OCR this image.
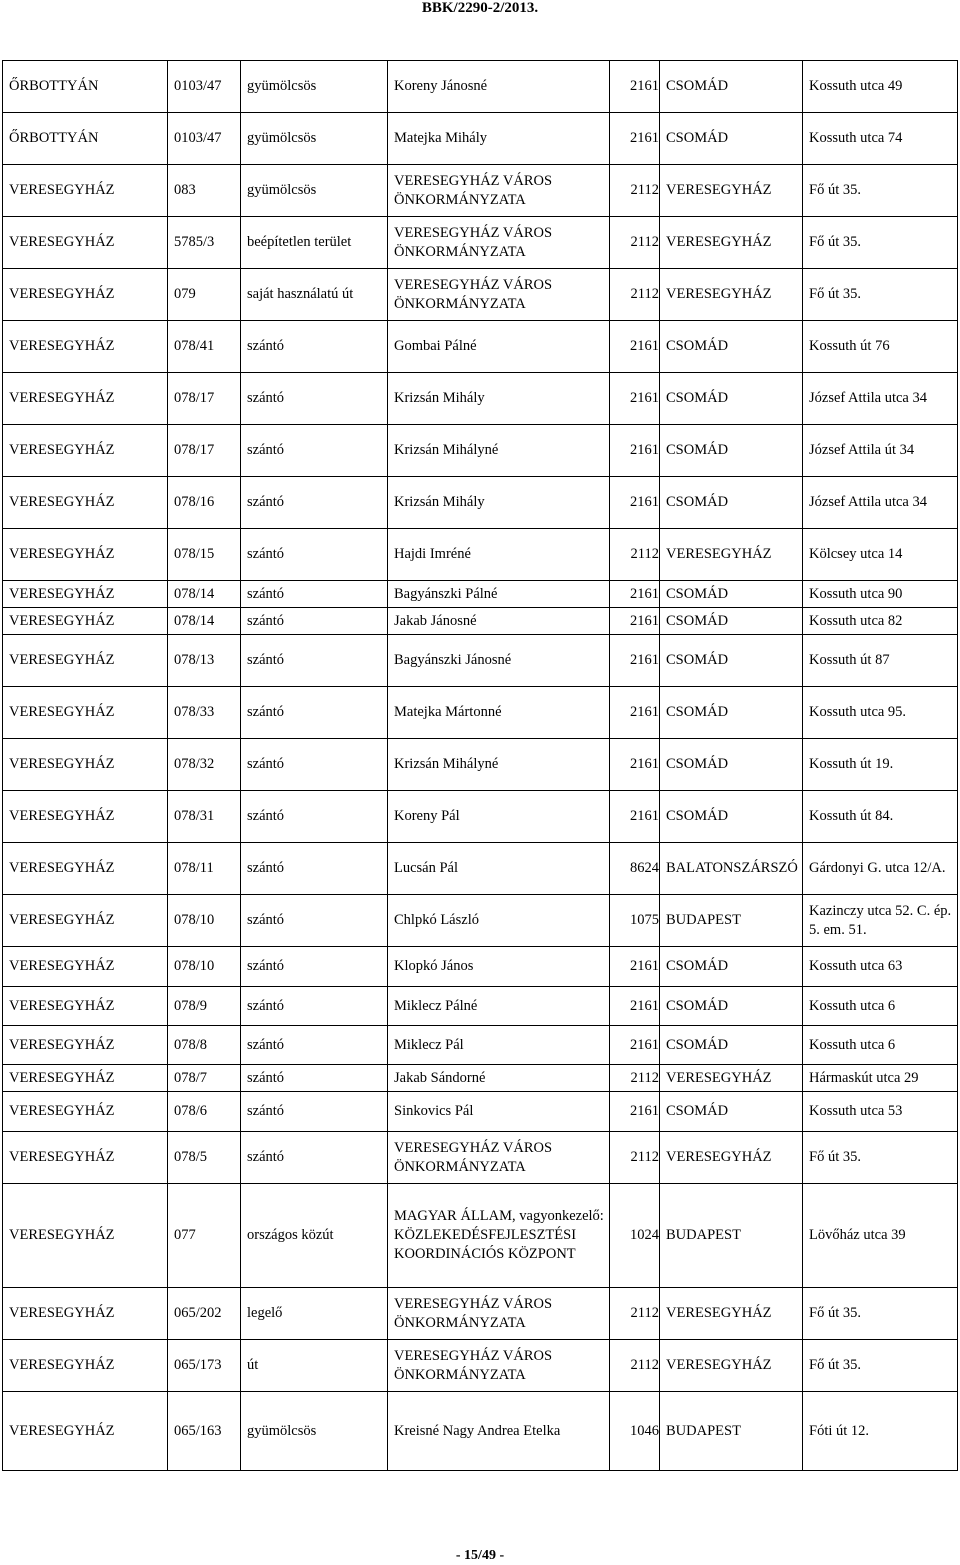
BBK/2290-2/2013.
ŐRBOTTYÁN	0103/47	gyümölcsös	Koreny Jánosné	2161	CSOMÁD	Kossuth utca 49
ŐRBOTTYÁN	0103/47	gyümölcsös	Matejka Mihály	2161	CSOMÁD	Kossuth utca 74
VERESEGYHÁZ	083	gyümölcsös	VERESEGYHÁZ VÁROS ÖNKORMÁNYZATA	2112	VERESEGYHÁZ	Fő út 35.
VERESEGYHÁZ	5785/3	beépítetlen terület	VERESEGYHÁZ VÁROS ÖNKORMÁNYZATA	2112	VERESEGYHÁZ	Fő út 35.
VERESEGYHÁZ	079	saját használatú út	VERESEGYHÁZ VÁROS ÖNKORMÁNYZATA	2112	VERESEGYHÁZ	Fő út 35.
VERESEGYHÁZ	078/41	szántó	Gombai Pálné	2161	CSOMÁD	Kossuth út 76
VERESEGYHÁZ	078/17	szántó	Krizsán Mihály	2161	CSOMÁD	József Attila utca 34
VERESEGYHÁZ	078/17	szántó	Krizsán Mihályné	2161	CSOMÁD	József Attila út 34
VERESEGYHÁZ	078/16	szántó	Krizsán Mihály	2161	CSOMÁD	József Attila utca 34
VERESEGYHÁZ	078/15	szántó	Hajdi Imréné	2112	VERESEGYHÁZ	Kölcsey utca 14
VERESEGYHÁZ	078/14	szántó	Bagyánszki Pálné	2161	CSOMÁD	Kossuth utca 90
VERESEGYHÁZ	078/14	szántó	Jakab Jánosné	2161	CSOMÁD	Kossuth utca 82
VERESEGYHÁZ	078/13	szántó	Bagyánszki Jánosné	2161	CSOMÁD	Kossuth út 87
VERESEGYHÁZ	078/33	szántó	Matejka Mártonné	2161	CSOMÁD	Kossuth utca 95.
VERESEGYHÁZ	078/32	szántó	Krizsán Mihályné	2161	CSOMÁD	Kossuth út 19.
VERESEGYHÁZ	078/31	szántó	Koreny Pál	2161	CSOMÁD	Kossuth út 84.
VERESEGYHÁZ	078/11	szántó	Lucsán Pál	8624	BALATONSZÁRSZÓ	Gárdonyi G. utca 12/A.
VERESEGYHÁZ	078/10	szántó	Chlpkó László	1075	BUDAPEST	Kazinczy utca 52. C. ép. 5. em. 51.
VERESEGYHÁZ	078/10	szántó	Klopkó János	2161	CSOMÁD	Kossuth utca 63
VERESEGYHÁZ	078/9	szántó	Miklecz Pálné	2161	CSOMÁD	Kossuth utca 6
VERESEGYHÁZ	078/8	szántó	Miklecz Pál	2161	CSOMÁD	Kossuth utca 6
VERESEGYHÁZ	078/7	szántó	Jakab Sándorné	2112	VERESEGYHÁZ	Hármaskút utca 29
VERESEGYHÁZ	078/6	szántó	Sinkovics Pál	2161	CSOMÁD	Kossuth utca 53
VERESEGYHÁZ	078/5	szántó	VERESEGYHÁZ VÁROS ÖNKORMÁNYZATA	2112	VERESEGYHÁZ	Fő út 35.
VERESEGYHÁZ	077	országos közút	MAGYAR ÁLLAM, vagyonkezelő: KÖZLEKEDÉSFEJLESZTÉSI KOORDINÁCIÓS KÖZPONT	1024	BUDAPEST	Lövőház utca 39
VERESEGYHÁZ	065/202	legelő	VERESEGYHÁZ VÁROS ÖNKORMÁNYZATA	2112	VERESEGYHÁZ	Fő út 35.
VERESEGYHÁZ	065/173	út	VERESEGYHÁZ VÁROS ÖNKORMÁNYZATA	2112	VERESEGYHÁZ	Fő út 35.
VERESEGYHÁZ	065/163	gyümölcsös	Kreisné Nagy Andrea Etelka	1046	BUDAPEST	Fóti út 12.
- 15/49 -
